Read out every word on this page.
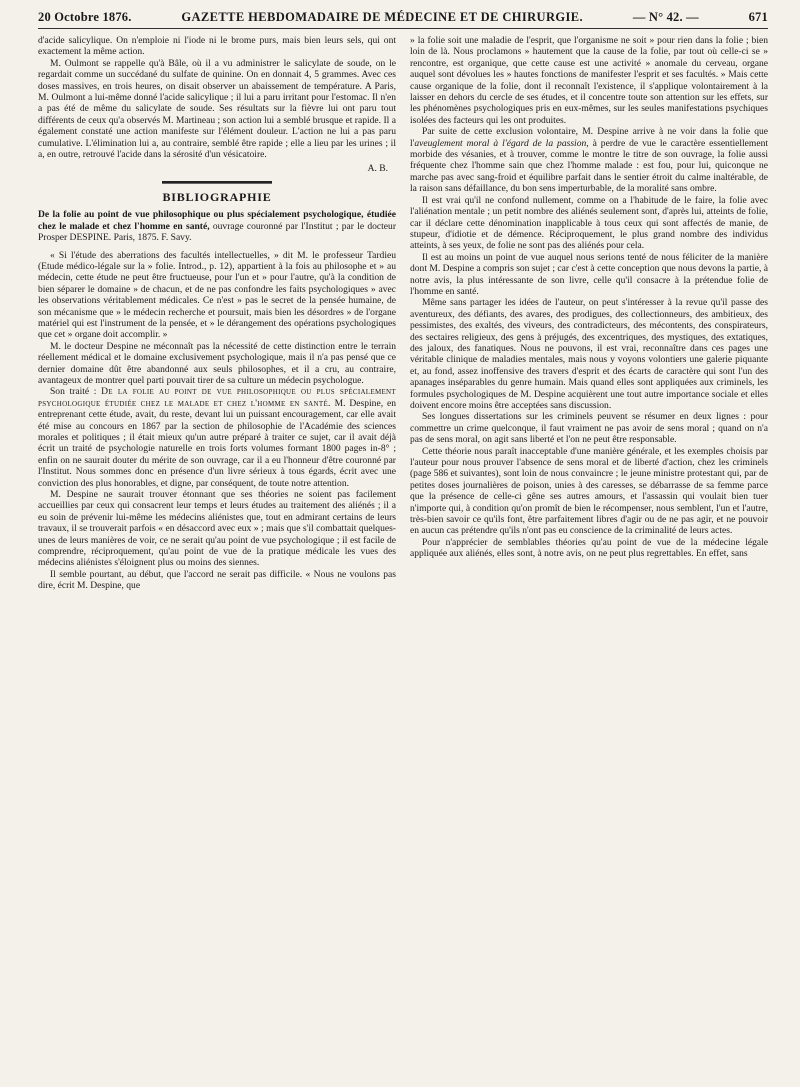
20 Octobre 1876.	GAZETTE HEBDOMADAIRE DE MÉDECINE ET DE CHIRURGIE.	— N° 42. —	671

d'acide salicylique. On n'emploie ni l'iode ni le brome purs, mais bien leurs sels, qui ont exactement la même action.

M. Oulmont se rappelle qu'à Bâle, où il a vu administrer le salicylate de soude, on le regardait comme un succédané du sulfate de quinine. On en donnait 4, 5 grammes. Avec ces doses massives, en trois heures, on disait observer un abaissement de température. A Paris, M. Oulmont a lui-même donné l'acide salicylique ; il lui a paru irritant pour l'estomac. Il n'en a pas été de même du salicylate de soude. Ses résultats sur la fièvre lui ont paru tout différents de ceux qu'a observés M. Martineau ; son action lui a semblé brusque et rapide. Il a également constaté une action manifeste sur l'élément douleur. L'action ne lui a pas paru cumulative. L'élimination lui a, au contraire, semblé être rapide ; elle a lieu par les urines ; il a, en outre, retrouvé l'acide dans la sérosité d'un vésicatoire.

A. B.
BIBLIOGRAPHIE

De la folie au point de vue philosophique ou plus spécialement psychologique, étudiée chez le malade et chez l'homme en santé, ouvrage couronné par l'Institut ; par le docteur Prosper DESPINE. Paris, 1875. F. Savy.

« Si l'étude des aberrations des facultés intellectuelles, » dit M. le professeur Tardieu (Etude médico-légale sur la » folie. Introd., p. 12), appartient à la fois au philosophe et » au médecin, cette étude ne peut être fructueuse, pour l'un et » pour l'autre, qu'à la condition de bien séparer le domaine » de chacun, et de ne pas confondre les faits psychologiques » avec les observations véritablement médicales. Ce n'est » pas le secret de la pensée humaine, de son mécanisme que » le médecin recherche et poursuit, mais bien les désordres » de l'organe matériel qui est l'instrument de la pensée, et » le dérangement des opérations psychologiques que cet » organe doit accomplir. »

M. le docteur Despine ne méconnaît pas la nécessité de cette distinction entre le terrain réellement médical et le domaine exclusivement psychologique, mais il n'a pas pensé que ce dernier domaine dût être abandonné aux seuls philosophes, et il a cru, au contraire, avantageux de montrer quel parti pouvait tirer de sa culture un médecin psychologue.

Son traité : De la folie au point de vue philosophique ou plus spécialement psychologique étudiée chez le malade et chez l'homme en santé. M. Despine, en entreprenant cette étude, avait, du reste, devant lui un puissant encouragement, car elle avait été mise au concours en 1867 par la section de philosophie de l'Académie des sciences morales et politiques ; il était mieux qu'un autre préparé à traiter ce sujet, car il avait déjà écrit un traité de psychologie naturelle en trois forts volumes formant 1800 pages in-8° ; enfin on ne saurait douter du mérite de son ouvrage, car il a eu l'honneur d'être couronné par l'Institut. Nous sommes donc en présence d'un livre sérieux à tous égards, écrit avec une conviction des plus honorables, et digne, par conséquent, de toute notre attention.

M. Despine ne saurait trouver étonnant que ses théories ne soient pas facilement accueillies par ceux qui consacrent leur temps et leurs études au traitement des aliénés ; il a eu soin de prévenir lui-même les médecins aliénistes que, tout en admirant certains de leurs travaux, il se trouverait parfois « en désaccord avec eux » ; mais que s'il combattait quelques-unes de leurs manières de voir, ce ne serait qu'au point de vue psychologique ; il est facile de comprendre, réciproquement, qu'au point de vue de la pratique médicale les vues des médecins aliénistes s'éloignent plus ou moins des siennes.

Il semble pourtant, au début, que l'accord ne serait pas difficile. « Nous ne voulons pas dire, écrit M. Despine, que

» la folie soit une maladie de l'esprit, que l'organisme ne soit » pour rien dans la folie ; bien loin de là. Nous proclamons » hautement que la cause de la folie, par tout où celle-ci se » rencontre, est organique, que cette cause est une activité » anomale du cerveau, organe auquel sont dévolues les » hautes fonctions de manifester l'esprit et ses facultés. » Mais cette cause organique de la folie, dont il reconnaît l'existence, il s'applique volontairement à la laisser en dehors du cercle de ses études, et il concentre toute son attention sur les effets, sur les phénomènes psychologiques pris en eux-mêmes, sur les seules manifestations psychiques isolées des facteurs qui les ont produites.

Par suite de cette exclusion volontaire, M. Despine arrive à ne voir dans la folie que l'aveuglement moral à l'égard de la passion, à perdre de vue le caractère essentiellement morbide des vésanies, et à trouver, comme le montre le titre de son ouvrage, la folie aussi fréquente chez l'homme sain que chez l'homme malade : est fou, pour lui, quiconque ne marche pas avec sang-froid et équilibre parfait dans le sentier étroit du calme inaltérable, de la raison sans défaillance, du bon sens imperturbable, de la moralité sans ombre.

Il est vrai qu'il ne confond nullement, comme on a l'habitude de le faire, la folie avec l'aliénation mentale ; un petit nombre des aliénés seulement sont, d'après lui, atteints de folie, car il déclare cette dénomination inapplicable à tous ceux qui sont affectés de manie, de stupeur, d'idiotie et de démence. Réciproquement, le plus grand nombre des individus atteints, à ses yeux, de folie ne sont pas des aliénés pour cela.

Il est au moins un point de vue auquel nous serions tenté de nous féliciter de la manière dont M. Despine a compris son sujet ; car c'est à cette conception que nous devons la partie, à notre avis, la plus intéressante de son livre, celle qu'il consacre à la prétendue folie de l'homme en santé.

Même sans partager les idées de l'auteur, on peut s'intéresser à la revue qu'il passe des aventureux, des défiants, des avares, des prodigues, des collectionneurs, des ambitieux, des pessimistes, des exaltés, des viveurs, des contradicteurs, des mécontents, des conspirateurs, des sectaires religieux, des gens à préjugés, des excentriques, des mystiques, des extatiques, des jaloux, des fanatiques. Nous ne pouvons, il est vrai, reconnaître dans ces pages une véritable clinique de maladies mentales, mais nous y voyons volontiers une galerie piquante et, au fond, assez inoffensive des travers d'esprit et des écarts de caractère qui sont l'un des apanages inséparables du genre humain. Mais quand elles sont appliquées aux criminels, les formules psychologiques de M. Despine acquièrent une tout autre importance sociale et elles doivent encore moins être acceptées sans discussion.

Ses longues dissertations sur les criminels peuvent se résumer en deux lignes : pour commettre un crime quelconque, il faut vraiment ne pas avoir de sens moral ; quand on n'a pas de sens moral, on agit sans liberté et l'on ne peut être responsable.

Cette théorie nous paraît inacceptable d'une manière générale, et les exemples choisis par l'auteur pour nous prouver l'absence de sens moral et de liberté d'action, chez les criminels (page 586 et suivantes), sont loin de nous convaincre ; le jeune ministre protestant qui, par de petites doses journalières de poison, unies à des caresses, se débarrasse de sa femme parce que la présence de celle-ci gêne ses autres amours, et l'assassin qui voulait bien tuer n'importe qui, à condition qu'on promît de bien le récompenser, nous semblent, l'un et l'autre, très-bien savoir ce qu'ils font, être parfaitement libres d'agir ou de ne pas agir, et ne pouvoir en aucun cas prétendre qu'ils n'ont pas eu conscience de la criminalité de leurs actes.

Pour n'apprécier de semblables théories qu'au point de vue de la médecine légale appliquée aux aliénés, elles sont, à notre avis, on ne peut plus regrettables. En effet, sans
